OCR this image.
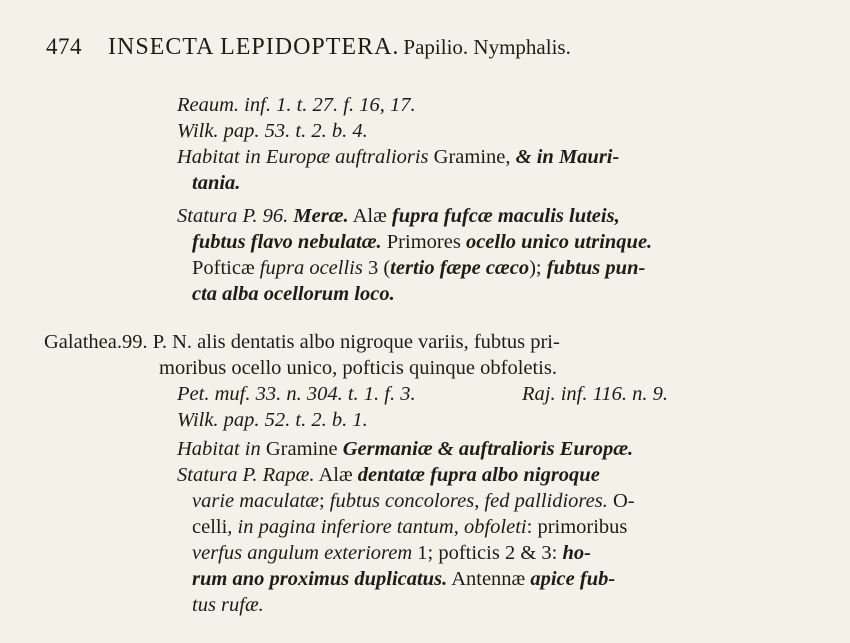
474 INSECTA LEPIDOPTERA. Papilio. Nymphalis.
Reaum. inf. 1. t. 27. f. 16, 17.
Wilk. pap. 53. t. 2. b. 4.
Habitat in Europæ auftralioris Gramine, & in Mauri-
tania.
Statura P. 96. Meræ. Alæ fupra fufcæ maculis luteis,
fubtus flavo nebulatæ. Primores ocello unico utrinque.
Pofticæ fupra ocellis 3 (tertio fæpe cæco); fubtus pun-
cta alba ocellorum loco.
Galathea.99. P. N. alis dentatis albo nigroque variis, fubtus pri-
moribus ocello unico, pofticis quinque obfoletis.
Pet. muf. 33. n. 304. t. 1. f. 3.	Raj. inf. 116. n. 9.
Wilk. pap. 52. t. 2. b. 1.
Habitat in Gramine Germaniæ & auftralioris Europæ.
Statura P. Rapæ. Alæ dentatæ fupra albo nigroque
varie maculatæ; fubtus concolores, fed pallidiores. O-
celli, in pagina inferiore tantum, obfoleti: primoribus
verfus angulum exteriorem 1; pofticis 2 & 3: ho-
rum ano proximus duplicatus. Antennæ apice fub-
tus rufæ.
